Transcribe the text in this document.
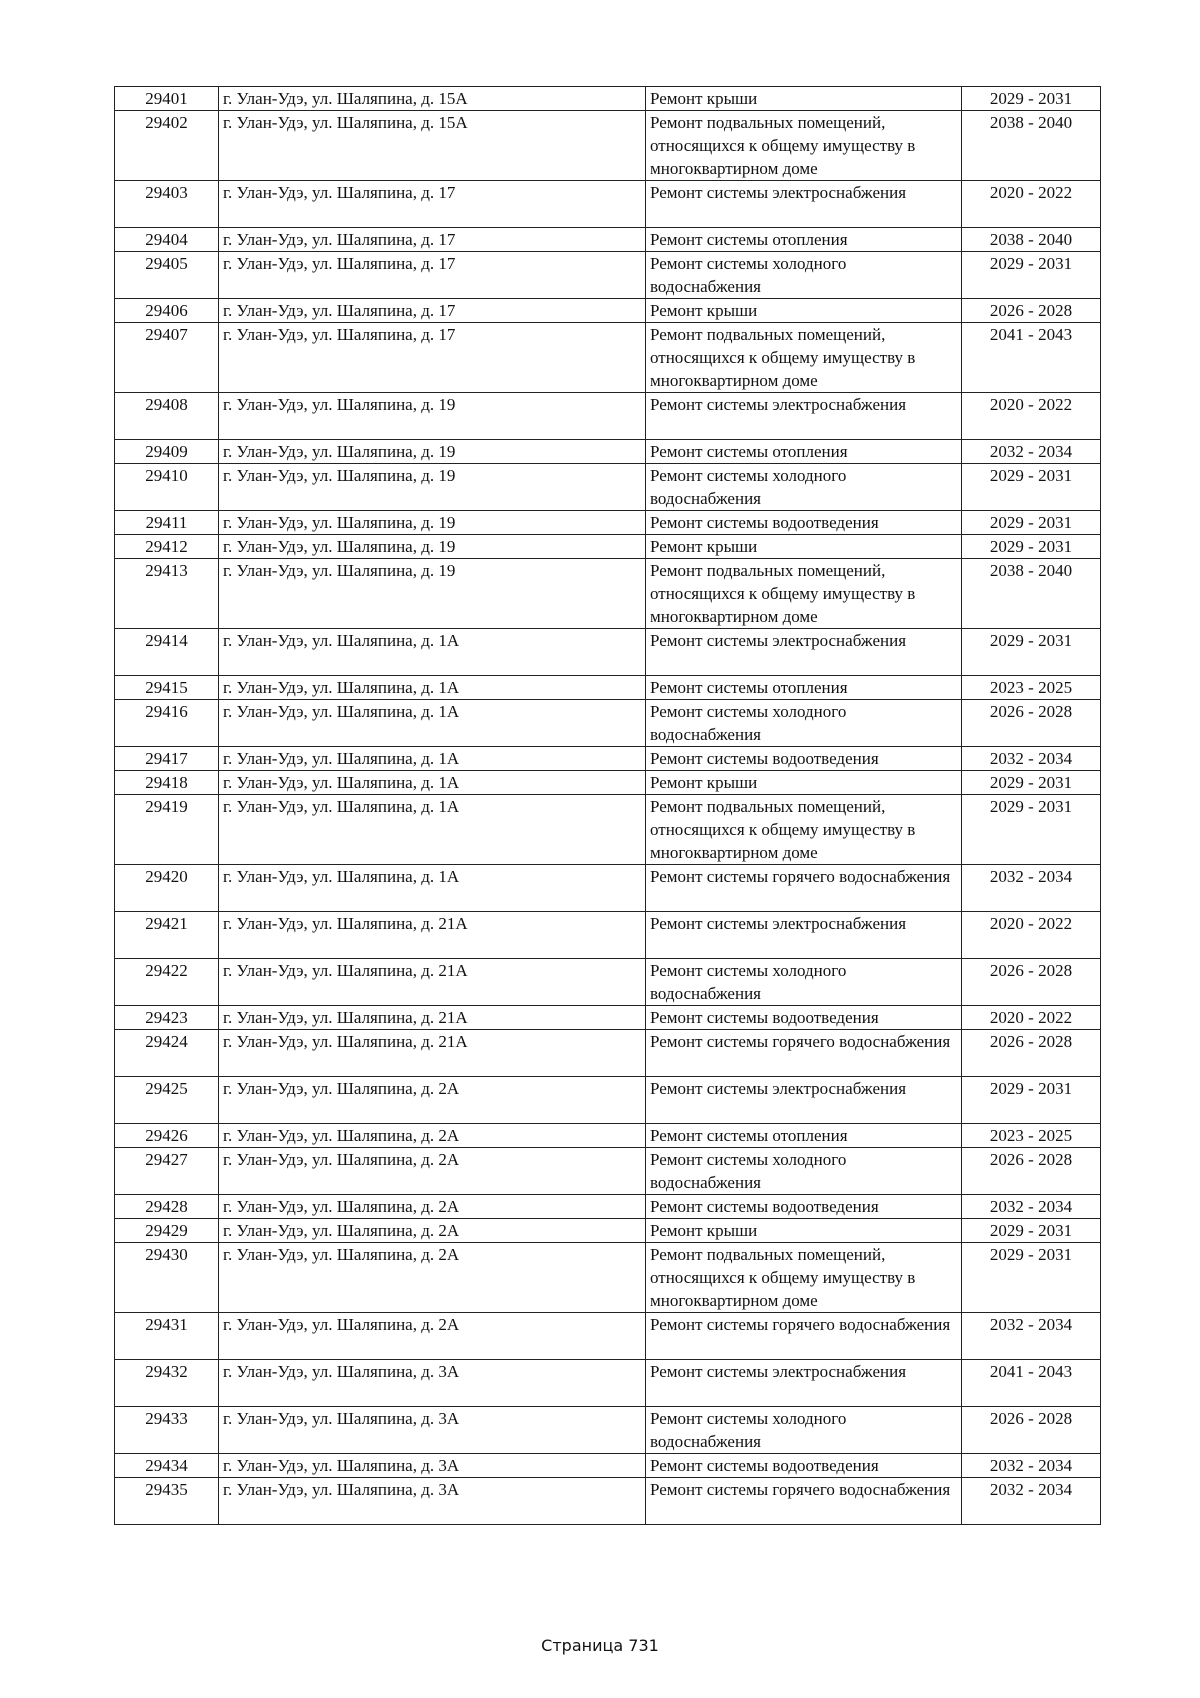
29401	г. Улан-Удэ, ул. Шаляпина, д. 15А	Ремонт крыши	2029 - 2031
29402	г. Улан-Удэ, ул. Шаляпина, д. 15А	Ремонт подвальных помещений, относящихся к общему имуществу в многоквартирном доме	2038 - 2040
29403	г. Улан-Удэ, ул. Шаляпина, д. 17	Ремонт системы электроснабжения	2020 - 2022
29404	г. Улан-Удэ, ул. Шаляпина, д. 17	Ремонт системы отопления	2038 - 2040
29405	г. Улан-Удэ, ул. Шаляпина, д. 17	Ремонт системы холодного водоснабжения	2029 - 2031
29406	г. Улан-Удэ, ул. Шаляпина, д. 17	Ремонт крыши	2026 - 2028
29407	г. Улан-Удэ, ул. Шаляпина, д. 17	Ремонт подвальных помещений, относящихся к общему имуществу в многоквартирном доме	2041 - 2043
29408	г. Улан-Удэ, ул. Шаляпина, д. 19	Ремонт системы электроснабжения	2020 - 2022
29409	г. Улан-Удэ, ул. Шаляпина, д. 19	Ремонт системы отопления	2032 - 2034
29410	г. Улан-Удэ, ул. Шаляпина, д. 19	Ремонт системы холодного водоснабжения	2029 - 2031
29411	г. Улан-Удэ, ул. Шаляпина, д. 19	Ремонт системы водоотведения	2029 - 2031
29412	г. Улан-Удэ, ул. Шаляпина, д. 19	Ремонт крыши	2029 - 2031
29413	г. Улан-Удэ, ул. Шаляпина, д. 19	Ремонт подвальных помещений, относящихся к общему имуществу в многоквартирном доме	2038 - 2040
29414	г. Улан-Удэ, ул. Шаляпина, д. 1А	Ремонт системы электроснабжения	2029 - 2031
29415	г. Улан-Удэ, ул. Шаляпина, д. 1А	Ремонт системы отопления	2023 - 2025
29416	г. Улан-Удэ, ул. Шаляпина, д. 1А	Ремонт системы холодного водоснабжения	2026 - 2028
29417	г. Улан-Удэ, ул. Шаляпина, д. 1А	Ремонт системы водоотведения	2032 - 2034
29418	г. Улан-Удэ, ул. Шаляпина, д. 1А	Ремонт крыши	2029 - 2031
29419	г. Улан-Удэ, ул. Шаляпина, д. 1А	Ремонт подвальных помещений, относящихся к общему имуществу в многоквартирном доме	2029 - 2031
29420	г. Улан-Удэ, ул. Шаляпина, д. 1А	Ремонт системы горячего водоснабжения	2032 - 2034
29421	г. Улан-Удэ, ул. Шаляпина, д. 21А	Ремонт системы электроснабжения	2020 - 2022
29422	г. Улан-Удэ, ул. Шаляпина, д. 21А	Ремонт системы холодного водоснабжения	2026 - 2028
29423	г. Улан-Удэ, ул. Шаляпина, д. 21А	Ремонт системы водоотведения	2020 - 2022
29424	г. Улан-Удэ, ул. Шаляпина, д. 21А	Ремонт системы горячего водоснабжения	2026 - 2028
29425	г. Улан-Удэ, ул. Шаляпина, д. 2А	Ремонт системы электроснабжения	2029 - 2031
29426	г. Улан-Удэ, ул. Шаляпина, д. 2А	Ремонт системы отопления	2023 - 2025
29427	г. Улан-Удэ, ул. Шаляпина, д. 2А	Ремонт системы холодного водоснабжения	2026 - 2028
29428	г. Улан-Удэ, ул. Шаляпина, д. 2А	Ремонт системы водоотведения	2032 - 2034
29429	г. Улан-Удэ, ул. Шаляпина, д. 2А	Ремонт крыши	2029 - 2031
29430	г. Улан-Удэ, ул. Шаляпина, д. 2А	Ремонт подвальных помещений, относящихся к общему имуществу в многоквартирном доме	2029 - 2031
29431	г. Улан-Удэ, ул. Шаляпина, д. 2А	Ремонт системы горячего водоснабжения	2032 - 2034
29432	г. Улан-Удэ, ул. Шаляпина, д. 3А	Ремонт системы электроснабжения	2041 - 2043
29433	г. Улан-Удэ, ул. Шаляпина, д. 3А	Ремонт системы холодного водоснабжения	2026 - 2028
29434	г. Улан-Удэ, ул. Шаляпина, д. 3А	Ремонт системы водоотведения	2032 - 2034
29435	г. Улан-Удэ, ул. Шаляпина, д. 3А	Ремонт системы горячего водоснабжения	2032 - 2034
Страница 731
